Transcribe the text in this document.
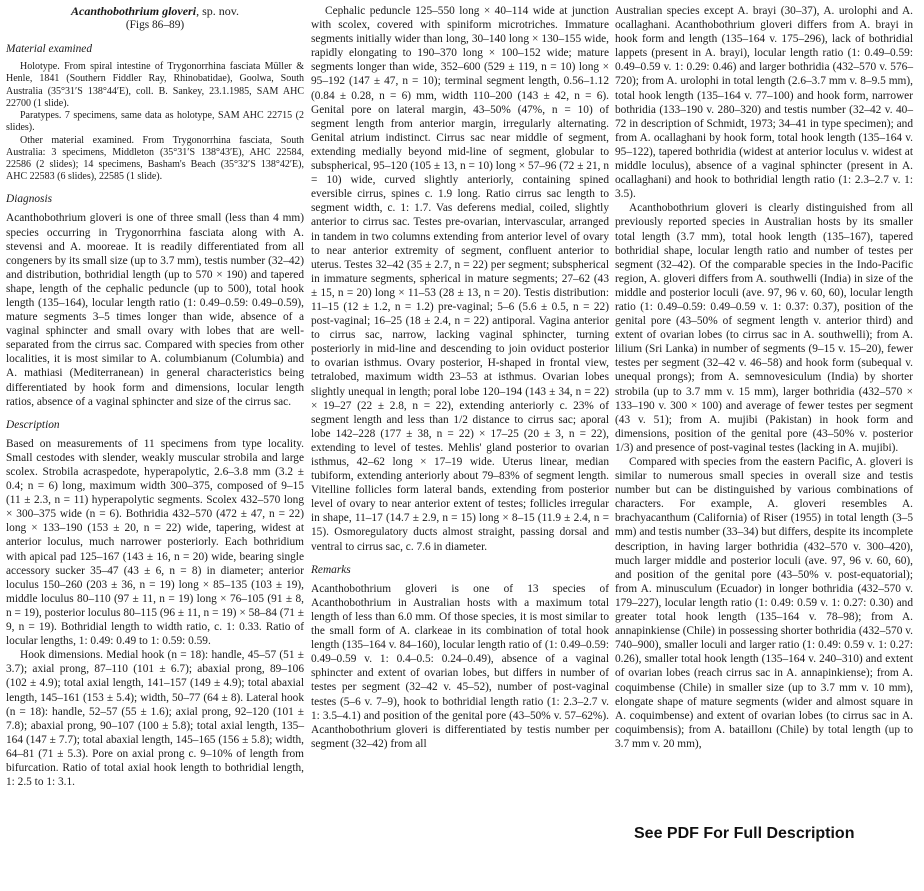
Acanthobothrium gloveri, sp. nov.

(Figs 86–89)

Material examined

Holotype. From spiral intestine of Trygonorrhina fasciata Müller & Henle, 1841 (Southern Fiddler Ray, Rhinobatidae), Goolwa, South Australia (35°31′S 138°44′E), coll. B. Sankey, 23.1.1985, SAM AHC 22700 (1 slide).

Paratypes. 7 specimens, same data as holotype, SAM AHC 22715 (2 slides).

Other material examined. From Trygonorrhina fasciata, South Australia: 3 specimens, Middleton (35°31′S 138°43′E), AHC 22584, 22586 (2 slides); 14 specimens, Basham's Beach (35°32′S 138°42′E), AHC 22583 (6 slides), 22585 (1 slide).

Diagnosis

Acanthobothrium gloveri is one of three small (less than 4 mm) species occurring in Trygonorrhina fasciata along with A. stevensi and A. mooreae. It is readily differentiated from all congeners by its small size (up to 3.7 mm), testis number (32–42) and distribution, bothridial length (up to 570 × 190) and tapered shape, length of the cephalic peduncle (up to 500), total hook length (135–164), locular length ratio (1: 0.49–0.59: 0.49–0.59), mature segments 3–5 times longer than wide, absence of a vaginal sphincter and small ovary with lobes that are well-separated from the cirrus sac. Compared with species from other localities, it is most similar to A. columbianum (Columbia) and A. mathiasi (Mediterranean) in general characteristics being differentiated by hook form and dimensions, locular length ratios, absence of a vaginal sphincter and size of the cirrus sac.

Description

Based on measurements of 11 specimens from type locality. Small cestodes with slender, weakly muscular strobila and large scolex. Strobila acraspedote, hyperapolytic, 2.6–3.8 mm (3.2 ± 0.4; n = 6) long, maximum width 300–375, composed of 9–15 (11 ± 2.3, n = 11) hyperapolytic segments. Scolex 432–570 long × 300–375 wide (n = 6). Bothridia 432–570 (472 ± 47, n = 22) long × 133–190 (153 ± 20, n = 22) wide, tapering, widest at anterior loculus, much narrower posteriorly. Each bothridium with apical pad 125–167 (143 ± 16, n = 20) wide, bearing single accessory sucker 35–47 (43 ± 6, n = 8) in diameter; anterior loculus 150–260 (203 ± 36, n = 19) long × 85–135 (103 ± 19), middle loculus 80–110 (97 ± 11, n = 19) long × 76–105 (91 ± 8, n = 19), posterior loculus 80–115 (96 ± 11, n = 19) × 58–84 (71 ± 9, n = 19). Bothridial length to width ratio, c. 1: 0.33. Ratio of locular lengths, 1: 0.49: 0.49 to 1: 0.59: 0.59.

Hook dimensions. Medial hook (n = 18): handle, 45–57 (51 ± 3.7); axial prong, 87–110 (101 ± 6.7); abaxial prong, 89–106 (102 ± 4.9); total axial length, 141–157 (149 ± 4.9); total abaxial length, 145–161 (153 ± 5.4); width, 50–77 (64 ± 8). Lateral hook (n = 18): handle, 52–57 (55 ± 1.6); axial prong, 92–120 (101 ± 7.8); abaxial prong, 90–107 (100 ± 5.8); total axial length, 135–164 (147 ± 7.7); total abaxial length, 145–165 (156 ± 5.8); width, 64–81 (71 ± 5.3). Pore on axial prong c. 9–10% of length from bifurcation. Ratio of total axial hook length to bothridial length, 1: 2.5 to 1: 3.1.

Cephalic peduncle 125–550 long × 40–114 wide at junction with scolex, covered with spiniform microtriches. Immature segments initially wider than long, 30–140 long × 130–155 wide, rapidly elongating to 190–370 long × 100–152 wide; mature segments longer than wide, 352–600 (529 ± 119, n = 10) long × 95–192 (147 ± 47, n = 10); terminal segment length, 0.56–1.12 (0.84 ± 0.28, n = 6) mm, width 110–200 (143 ± 42, n = 6). Genital pore on lateral margin, 43–50% (47%, n = 10) of segment length from anterior margin, irregularly alternating. Genital atrium indistinct. Cirrus sac near middle of segment, extending medially beyond mid-line of segment, globular to subspherical, 95–120 (105 ± 13, n = 10) long × 57–96 (72 ± 21, n = 10) wide, curved slightly anteriorly, containing spined eversible cirrus, spines c. 1.9 long. Ratio cirrus sac length to segment width, c. 1: 1.7. Vas deferens medial, coiled, slightly anterior to cirrus sac. Testes pre-ovarian, intervascular, arranged in tandem in two columns extending from anterior level of ovary to near anterior extremity of segment, confluent anterior to uterus. Testes 32–42 (35 ± 2.7, n = 22) per segment; subspherical in immature segments, spherical in mature segments; 27–62 (43 ± 15, n = 20) long × 11–53 (28 ± 13, n = 20). Testis distribution: 11–15 (12 ± 1.2, n = 1.2) pre-vaginal; 5–6 (5.6 ± 0.5, n = 22) post-vaginal; 16–25 (18 ± 2.4, n = 22) antiporal. Vagina anterior to cirrus sac, narrow, lacking vaginal sphincter, turning posteriorly in mid-line and descending to join oviduct posterior to ovarian isthmus. Ovary posterior, H-shaped in frontal view, tetralobed, maximum width 23–53 at isthmus. Ovarian lobes slightly unequal in length; poral lobe 120–194 (143 ± 34, n = 22) × 19–27 (22 ± 2.8, n = 22), extending anteriorly c. 23% of segment length and less than 1/2 distance to cirrus sac; aporal lobe 142–228 (177 ± 38, n = 22) × 17–25 (20 ± 3, n = 22), extending to level of testes. Mehlis' gland posterior to ovarian isthmus, 42–62 long × 17–19 wide. Uterus linear, median tubiform, extending anteriorly about 79–83% of segment length. Vitelline follicles form lateral bands, extending from posterior level of ovary to near anterior extent of testes; follicles irregular in shape, 11–17 (14.7 ± 2.9, n = 15) long × 8–15 (11.9 ± 2.4, n = 15). Osmoregulatory ducts almost straight, passing dorsal and ventral to cirrus sac, c. 7.6 in diameter.

Remarks

Acanthobothrium gloveri is one of 13 species of Acanthobothrium in Australian hosts with a maximum total length of less than 6.0 mm. Of those species, it is most similar to the small form of A. clarkeae in its combination of total hook length (135–164 v. 84–160), locular length ratio of (1: 0.49–0.59: 0.49–0.59 v. 1: 0.4–0.5: 0.24–0.49), absence of a vaginal sphincter and extent of ovarian lobes, but differs in number of testes per segment (32–42 v. 45–52), number of post-vaginal testes (5–6 v. 7–9), hook to bothridial length ratio (1: 2.3–2.7 v. 1: 3.5–4.1) and position of the genital pore (43–50% v. 57–62%). Acanthobothrium gloveri is differentiated by testis number per segment (32–42) from all

Australian species except A. brayi (30–37), A. urolophi and A. ocallaghani. Acanthobothrium gloveri differs from A. brayi in hook form and length (135–164 v. 175–296), lack of bothridial lappets (present in A. brayi), locular length ratio (1: 0.49–0.59: 0.49–0.59 v. 1: 0.29: 0.46) and larger bothridia (432–570 v. 576–720); from A. urolophi in total length (2.6–3.7 mm v. 8–9.5 mm), total hook length (135–164 v. 77–100) and hook form, narrower bothridia (133–190 v. 280–320) and testis number (32–42 v. 40–72 in description of Schmidt, 1973; 34–41 in type specimen); and from A. ocallaghani by hook form, total hook length (135–164 v. 95–122), tapered bothridia (widest at anterior loculus v. widest at middle loculus), absence of a vaginal sphincter (present in A. ocallaghani) and hook to bothridial length ratio (1: 2.3–2.7 v. 1: 3.5).

Acanthobothrium gloveri is clearly distinguished from all previously reported species in Australian hosts by its smaller total length (3.7 mm), total hook length (135–167), tapered bothridial shape, locular length ratio and number of testes per segment (32–42). Of the comparable species in the Indo-Pacific region, A. gloveri differs from A. southwelli (India) in size of the middle and posterior loculi (ave. 97, 96 v. 60, 60), locular length ratio (1: 0.49–0.59: 0.49–0.59 v. 1: 0.37: 0.37), position of the genital pore (43–50% of segment length v. anterior third) and extent of ovarian lobes (to cirrus sac in A. southwelli); from A. lilium (Sri Lanka) in number of segments (9–15 v. 15–20), fewer testes per segment (32–42 v. 46–58) and hook form (subequal v. unequal prongs); from A. semnovesiculum (India) by shorter strobila (up to 3.7 mm v. 15 mm), larger bothridia (432–570 × 133–190 v. 300 × 100) and average of fewer testes per segment (43 v. 51); from A. mujibi (Pakistan) in hook form and dimensions, position of the genital pore (43–50% v. posterior 1/3) and presence of post-vaginal testes (lacking in A. mujibi).

Compared with species from the eastern Pacific, A. gloveri is similar to numerous small species in overall size and testis number but can be distinguished by various combinations of characters. For example, A. gloveri resembles A. brachyacanthum (California) of Riser (1955) in total length (3–5 mm) and testis number (33–34) but differs, despite its incomplete description, in having larger bothridia (432–570 v. 300–420), much larger middle and posterior loculi (ave. 97, 96 v. 60, 60), and position of the genital pore (43–50% v. post-equatorial); from A. minusculum (Ecuador) in longer bothridia (432–570 v. 179–227), locular length ratio (1: 0.49: 0.59 v. 1: 0.27: 0.30) and greater total hook length (135–164 v. 78–98); from A. annapinkiense (Chile) in possessing shorter bothridia (432–570 v. 740–900), smaller loculi and larger ratio (1: 0.49: 0.59 v. 1: 0.27: 0.26), smaller total hook length (135–164 v. 240–310) and extent of ovarian lobes (reach cirrus sac in A. annapinkiense); from A. coquimbense (Chile) in smaller size (up to 3.7 mm v. 10 mm), elongate shape of mature segments (wider and almost square in A. coquimbense) and extent of ovarian lobes (to cirrus sac in A. coquimbensis); from A. bataillonı (Chile) by total length (up to 3.7 mm v. 20 mm),

See PDF For Full Description
